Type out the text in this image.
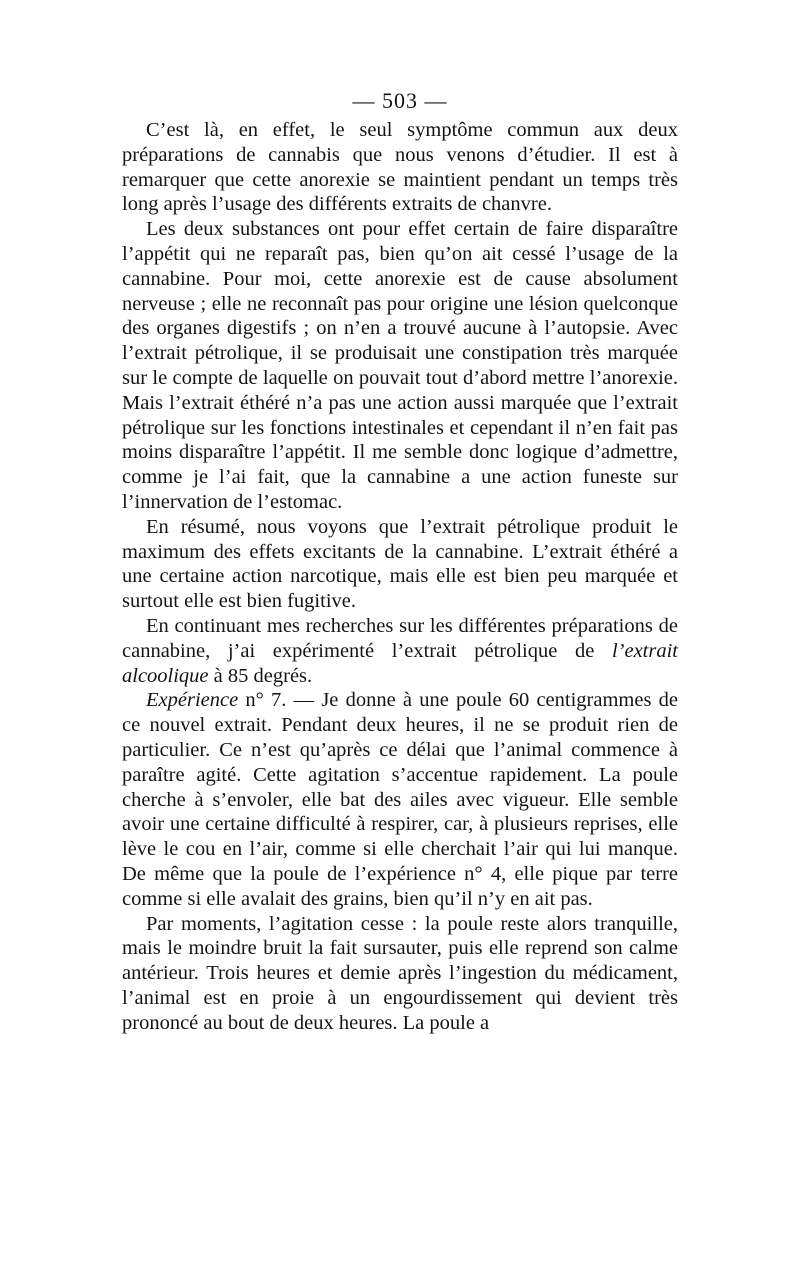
— 503 —

C’est là, en effet, le seul symptôme commun aux deux préparations de cannabis que nous venons d’étudier. Il est à remarquer que cette anorexie se maintient pendant un temps très long après l’usage des différents extraits de chanvre.

Les deux substances ont pour effet certain de faire disparaître l’appétit qui ne reparaît pas, bien qu’on ait cessé l’usage de la cannabine. Pour moi, cette anorexie est de cause absolument nerveuse ; elle ne reconnaît pas pour origine une lésion quelconque des organes digestifs ; on n’en a trouvé aucune à l’autopsie. Avec l’extrait pétrolique, il se produisait une constipation très marquée sur le compte de laquelle on pouvait tout d’abord mettre l’anorexie. Mais l’extrait éthéré n’a pas une action aussi marquée que l’extrait pétrolique sur les fonctions intestinales et cependant il n’en fait pas moins disparaître l’appétit. Il me semble donc logique d’admettre, comme je l’ai fait, que la cannabine a une action funeste sur l’innervation de l’estomac.

En résumé, nous voyons que l’extrait pétrolique produit le maximum des effets excitants de la cannabine. L’extrait éthéré a une certaine action narcotique, mais elle est bien peu marquée et surtout elle est bien fugitive.

En continuant mes recherches sur les différentes préparations de cannabine, j’ai expérimenté l’extrait pétrolique de l’extrait alcoolique à 85 degrés.

Expérience n° 7. — Je donne à une poule 60 centigrammes de ce nouvel extrait. Pendant deux heures, il ne se produit rien de particulier. Ce n’est qu’après ce délai que l’animal commence à paraître agité. Cette agitation s’accentue rapidement. La poule cherche à s’envoler, elle bat des ailes avec vigueur. Elle semble avoir une certaine difficulté à respirer, car, à plusieurs reprises, elle lève le cou en l’air, comme si elle cherchait l’air qui lui manque. De même que la poule de l’expérience n° 4, elle pique par terre comme si elle avalait des grains, bien qu’il n’y en ait pas.

Par moments, l’agitation cesse : la poule reste alors tranquille, mais le moindre bruit la fait sursauter, puis elle reprend son calme antérieur. Trois heures et demie après l’ingestion du médicament, l’animal est en proie à un engourdissement qui devient très prononcé au bout de deux heures. La poule a
